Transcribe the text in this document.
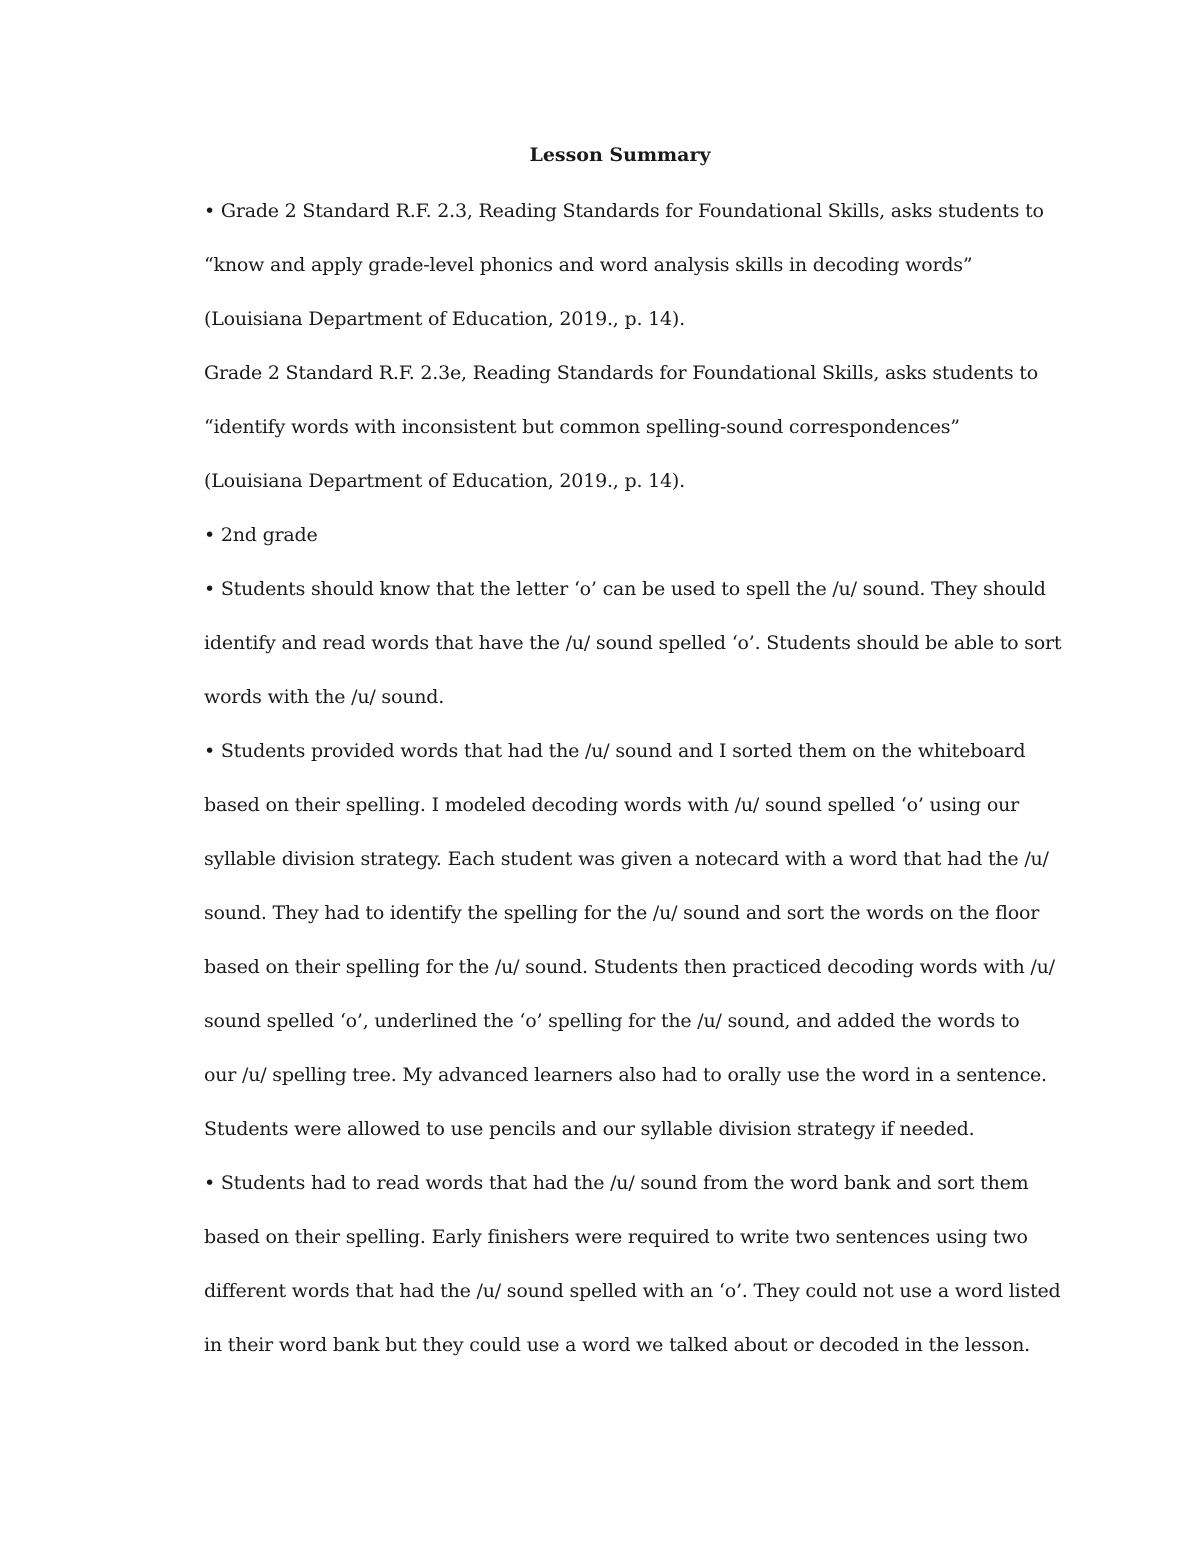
Lesson Summary
• Grade 2 Standard R.F. 2.3, Reading Standards for Foundational Skills, asks students to
“know and apply grade-level phonics and word analysis skills in decoding words”
(Louisiana Department of Education, 2019., p. 14).
Grade 2 Standard R.F. 2.3e, Reading Standards for Foundational Skills, asks students to
“identify words with inconsistent but common spelling-sound correspondences”
(Louisiana Department of Education, 2019., p. 14).
• 2nd grade
• Students should know that the letter ‘o’ can be used to spell the /u/ sound. They should
identify and read words that have the /u/ sound spelled ‘o’. Students should be able to sort
words with the /u/ sound.
• Students provided words that had the /u/ sound and I sorted them on the whiteboard
based on their spelling. I modeled decoding words with /u/ sound spelled ‘o’ using our
syllable division strategy. Each student was given a notecard with a word that had the /u/
sound. They had to identify the spelling for the /u/ sound and sort the words on the floor
based on their spelling for the /u/ sound. Students then practiced decoding words with /u/
sound spelled ‘o’, underlined the ‘o’ spelling for the /u/ sound, and added the words to
our /u/ spelling tree. My advanced learners also had to orally use the word in a sentence.
Students were allowed to use pencils and our syllable division strategy if needed.
• Students had to read words that had the /u/ sound from the word bank and sort them
based on their spelling. Early finishers were required to write two sentences using two
different words that had the /u/ sound spelled with an ‘o’. They could not use a word listed
in their word bank but they could use a word we talked about or decoded in the lesson.
